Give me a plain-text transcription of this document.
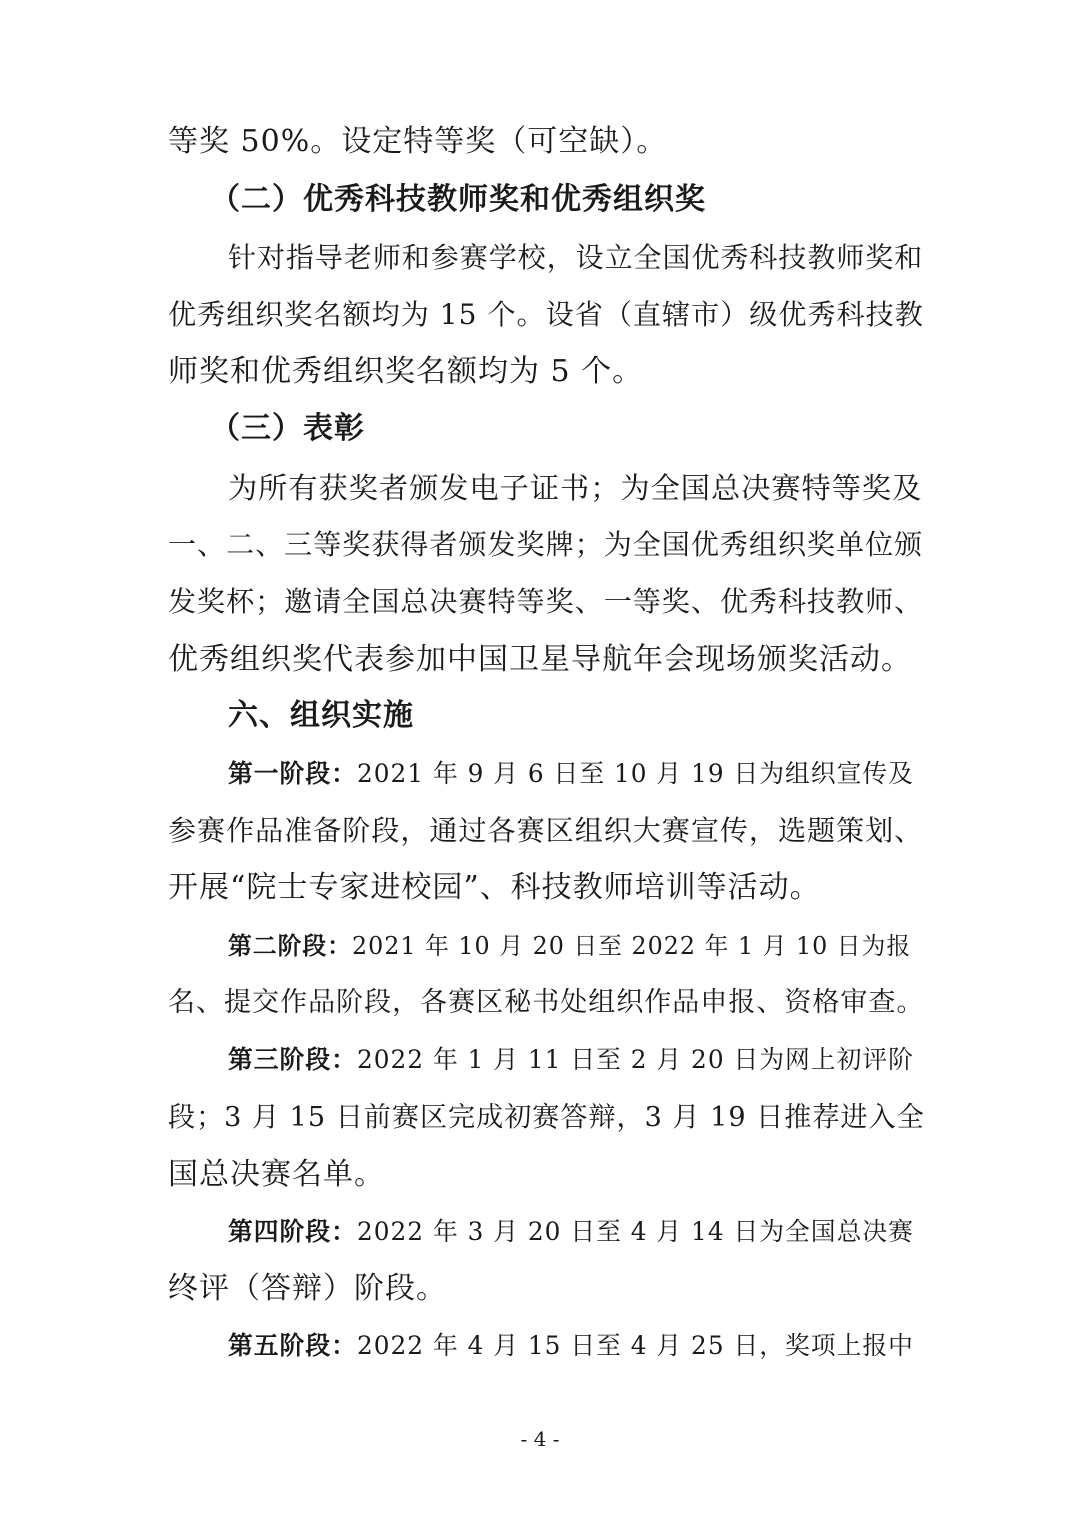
等奖 50%。设定特等奖（可空缺）。
（二）优秀科技教师奖和优秀组织奖
针对指导老师和参赛学校，设立全国优秀科技教师奖和
优秀组织奖名额均为 15 个。设省（直辖市）级优秀科技教
师奖和优秀组织奖名额均为 5 个。
（三）表彰
为所有获奖者颁发电子证书；为全国总决赛特等奖及
一、二、三等奖获得者颁发奖牌；为全国优秀组织奖单位颁
发奖杯；邀请全国总决赛特等奖、一等奖、优秀科技教师、
优秀组织奖代表参加中国卫星导航年会现场颁奖活动。
六、组织实施
第一阶段： 2021 年 9 月 6 日至 10 月 19 日为组织宣传及
参赛作品准备阶段，通过各赛区组织大赛宣传，选题策划、
开展“院士专家进校园”、科技教师培训等活动。
第二阶段： 2021 年 10 月 20 日至 2022 年 1 月 10 日为报
名、提交作品阶段，各赛区秘书处组织作品申报、资格审查。
第三阶段： 2022 年 1 月 11 日至 2 月 20 日为网上初评阶
段；3 月 15 日前赛区完成初赛答辩，3 月 19 日推荐进入全
国总决赛名单。
第四阶段： 2022 年 3 月 20 日至 4 月 14 日为全国总决赛
终评（答辩）阶段。
第五阶段： 2022 年 4 月 15 日至 4 月 25 日，奖项上报中
- 4 -
